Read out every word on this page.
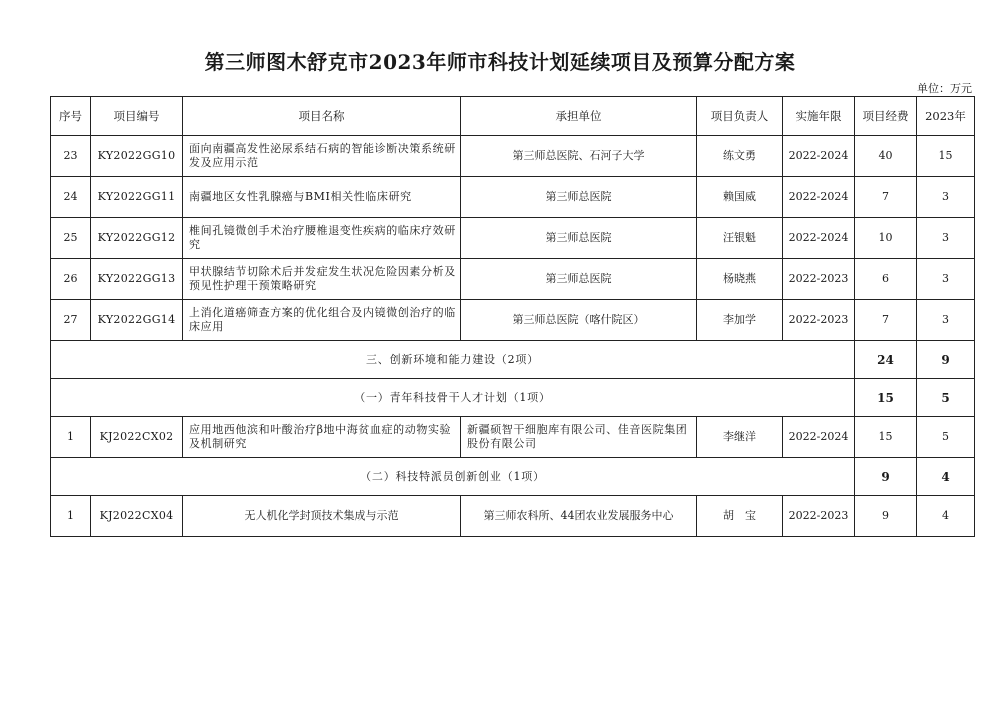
第三师图木舒克市2023年师市科技计划延续项目及预算分配方案
单位：万元
序号	项目编号	项目名称	承担单位	项目负责人	实施年限	项目经费	2023年
23	KY2022GG10	面向南疆高发性泌尿系结石病的智能诊断决策系统研发及应用示范	第三师总医院、石河子大学	练文勇	2022-2024	40	15
24	KY2022GG11	南疆地区女性乳腺癌与BMI相关性临床研究	第三师总医院	赖国威	2022-2024	7	3
25	KY2022GG12	椎间孔镜微创手术治疗腰椎退变性疾病的临床疗效研究	第三师总医院	汪银魁	2022-2024	10	3
26	KY2022GG13	甲状腺结节切除术后并发症发生状况危险因素分析及预见性护理干预策略研究	第三师总医院	杨晓燕	2022-2023	6	3
27	KY2022GG14	上消化道癌筛查方案的优化组合及内镜微创治疗的临床应用	第三师总医院（喀什院区）	李加学	2022-2023	7	3
三、创新环境和能力建设（2项）						24	9
（一）青年科技骨干人才计划（1项）						15	5
1	KJ2022CX02	应用地西他滨和叶酸治疗β地中海贫血症的动物实验及机制研究	新疆硕智干细胞库有限公司、佳音医院集团股份有限公司	李继洋	2022-2024	15	5
（二）科技特派员创新创业（1项）						9	4
1	KJ2022CX04	无人机化学封顶技术集成与示范	第三师农科所、44团农业发展服务中心	胡　宝	2022-2023	9	4
